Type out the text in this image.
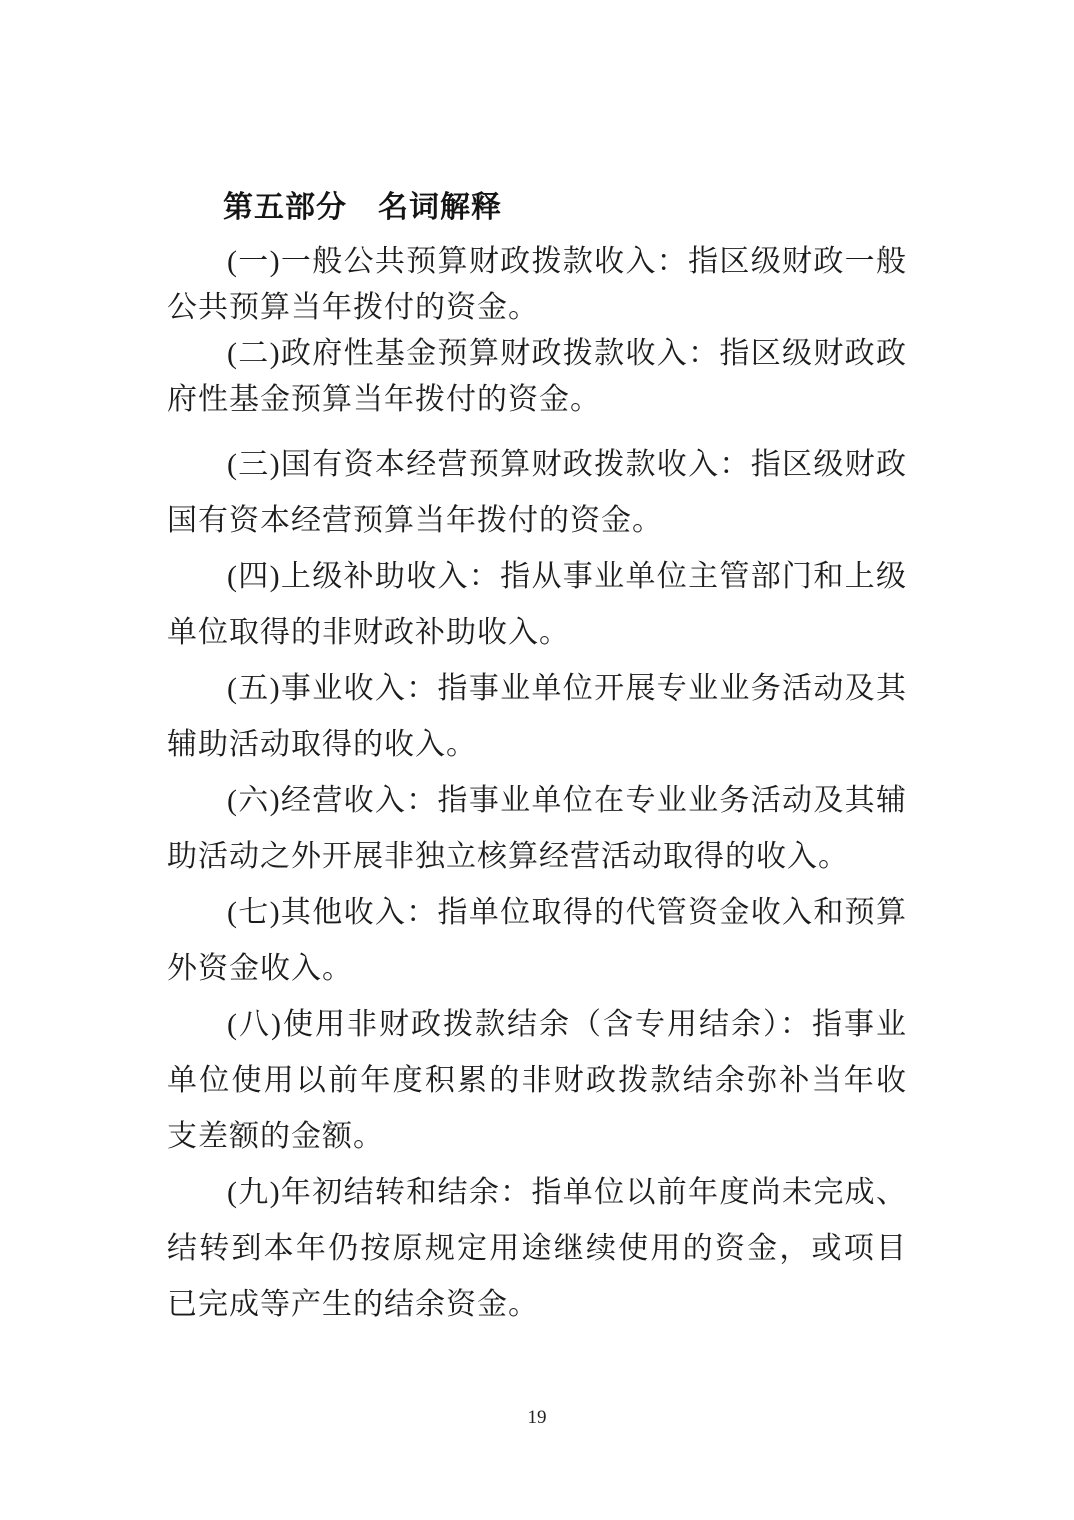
第五部分　名词解释

(一)一般公共预算财政拨款收入：指区级财政一般公共预算当年拨付的资金。

(二)政府性基金预算财政拨款收入：指区级财政政府性基金预算当年拨付的资金。

(三)国有资本经营预算财政拨款收入：指区级财政国有资本经营预算当年拨付的资金。

(四)上级补助收入：指从事业单位主管部门和上级单位取得的非财政补助收入。

(五)事业收入：指事业单位开展专业业务活动及其辅助活动取得的收入。

(六)经营收入：指事业单位在专业业务活动及其辅助活动之外开展非独立核算经营活动取得的收入。

(七)其他收入：指单位取得的代管资金收入和预算外资金收入。

(八)使用非财政拨款结余（含专用结余）：指事业单位使用以前年度积累的非财政拨款结余弥补当年收支差额的金额。

(九)年初结转和结余：指单位以前年度尚未完成、结转到本年仍按原规定用途继续使用的资金，或项目已完成等产生的结余资金。

19
